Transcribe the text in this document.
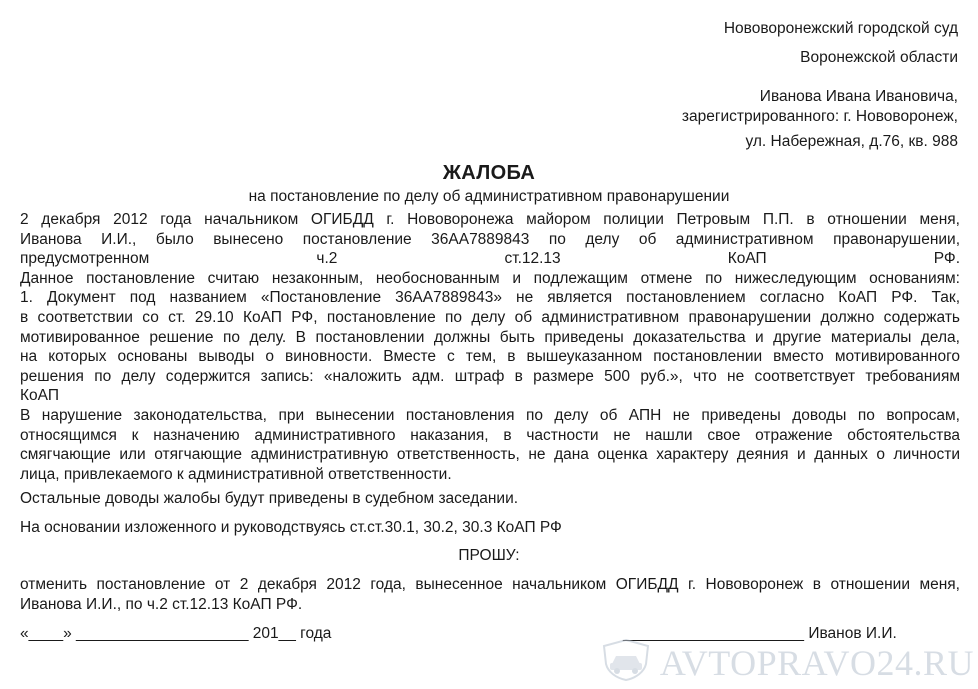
Нововоронежский городской суд
Воронежской области
Иванова Ивана Ивановича,
зарегистрированного: г. Нововоронеж,
ул. Набережная, д.76, кв. 988
ЖАЛОБА
на постановление по делу об административном правонарушении
2 декабря 2012 года начальником ОГИБДД г. Нововоронежа майором полиции Петровым П.П. в отношении меня,
Иванова И.И., было вынесено постановление 36АА7889843 по делу об административном правонарушении,
предусмотренном ч.2 ст.12.13 КоАП РФ.
Данное постановление считаю незаконным, необоснованным и подлежащим отмене по нижеследующим основаниям:
1. Документ под названием «Постановление 36АА7889843» не является постановлением согласно КоАП РФ. Так,
в соответствии со ст. 29.10 КоАП РФ, постановление по делу об административном правонарушении должно содержать
мотивированное решение по делу. В постановлении должны быть приведены доказательства и другие материалы дела,
на которых основаны выводы о виновности. Вместе с тем, в вышеуказанном постановлении вместо мотивированного
решения по делу содержится запись: «наложить адм. штраф в размере 500 руб.», что не соответствует требованиям
КоАП
В нарушение законодательства, при вынесении постановления по делу об АПН не приведены доводы по вопросам,
относящимся к назначению административного наказания, в частности не нашли свое отражение обстоятельства
смягчающие или отягчающие административную ответственность, не дана оценка характеру деяния и данных о личности
лица, привлекаемого к административной ответственности.
Остальные доводы жалобы будут приведены в судебном заседании.
На основании изложенного и руководствуясь ст.ст.30.1, 30.2, 30.3 КоАП РФ
ПРОШУ:
отменить постановление от 2 декабря 2012 года, вынесенное начальником ОГИБДД г. Нововоронеж в отношении меня,
Иванова И.И., по ч.2 ст.12.13 КоАП РФ.
«____» ____________________ 201__ года	_____________________ Иванов И.И.
AVTOPRAVO24.RU
